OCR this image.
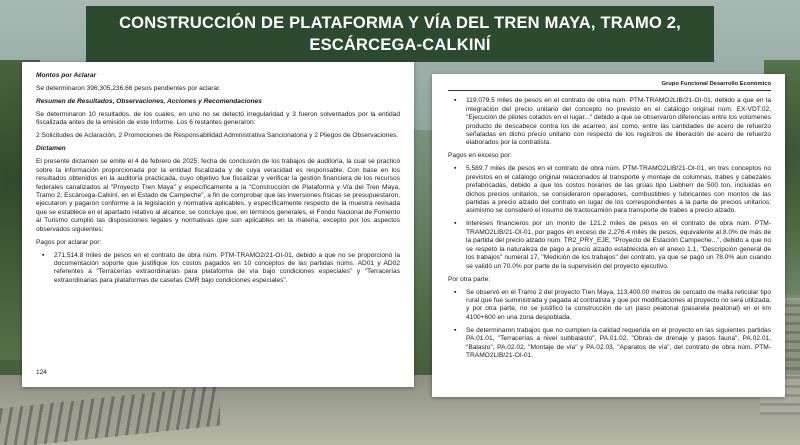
CONSTRUCCIÓN DE PLATAFORMA Y VÍA DEL TREN MAYA, TRAMO 2, ESCÁRCEGA-CALKINÍ
Montos por Aclarar
Se determinaron 396,305,236.66 pesos pendientes por aclarar.
Resumen de Resultados, Observaciones, Acciones y Recomendaciones
Se determinaron 10 resultados, de los cuales, en uno no se detectó irregularidad y 3 fueron solventados por la entidad fiscalizada antes de la emisión de este Informe. Los 6 restantes generaron:
2 Solicitudes de Aclaración, 2 Promociones de Responsabilidad Administrativa Sancionatoria y 2 Pliegos de Observaciones.
Dictamen
El presente dictamen se emite el 4 de febrero de 2025, fecha de conclusión de los trabajos de auditoría, la cual se practicó sobre la información proporcionada por la entidad fiscalizada y de cuya veracidad es responsable. Con base en los resultados obtenidos en la auditoría practicada, cuyo objetivo fue fiscalizar y verificar la gestión financiera de los recursos federales canalizados al "Proyecto Tren Maya" y específicamente a la "Construcción de Plataforma y Vía del Tren Maya, Tramo 2, Escárcega-Calkiní, en el Estado de Campeche", a fin de comprobar que las inversiones físicas se presupuestaron, ejecutaron y pagaron conforme a la legislación y normativa aplicables, y específicamente respecto de la muestra revisada que se establece en el apartado relativo al alcance, se concluye que, en términos generales, el Fondo Nacional de Fomento al Turismo cumplió las disposiciones legales y normativas que son aplicables en la materia, excepto por los aspectos observados siguientes:
Pagos por aclarar por:
▪	271,514.8 miles de pesos en el contrato de obra núm. PTM-TRAMO2/21-OI-01, debido a que no se proporcionó la documentación soporte que justifique los costos pagados en 10 conceptos de las partidas núms. AD01 y AD02 referentes a "Terracerías extraordinarias para plataforma de vía bajo condiciones especiales" y "Terracerías extraordinarias para plataformas de casetas CMR bajo condiciones especiales".
124
Grupo Funcional Desarrollo Económico
▪	119,079.5 miles de pesos en el contrato de obra núm. PTM-TRAMO2LIB/21-OI-01, debido a que en la integración del precio unitario del concepto no previsto en el catálogo original núm. EX-VDT.02, "Ejecución de pilotes colados en el lugar..." debido a que se observaron diferencias entre los volúmenes producto de descabece contra los de acarreo; así como, entre las cantidades de acero de refuerzo señaladas en dicho precio unitario con respecto de los registros de liberación de acero de refuerzo elaborados por la contratista.
Pagos en exceso por:
▪	5,589.7 miles de pesos en el contrato de obra núm. PTM-TRAMO2LIB/21-OI-01, en tres conceptos no previstos en el catálogo original relacionados al transporte y montaje de columnas, trabes y cabezales prefabricadas, debido a que los costos horarios de las grúas tipo Liebherr de 500 ton, incluidas en dichos precios unitarios, se consideraron operadores, combustibles y lubricantes con montos de las partidas a precio alzado del contrato en lugar de los correspondientes a la parte de precios unitarios; asimismo se consideró el insumo de tractocamión para transporte de trabes a precio alzado.
▪	Intereses financieros por un monto de 121.2 miles de pesos en el contrato de obra núm. PTM-TRAMO2LIB/21-OI-01, por pagos en exceso de 2,276.4 miles de pesos, equivalente al 8.0% de más de la partida del precio alzado núm. TR2_PRY_EJE, "Proyecto de Estación Campeche...", debido a que no se respetó la naturaleza de pago a precio alzado establecida en el anexo 1.1, "Descripción general de los trabajos" numeral 17, "Medición de los trabajos" del contrato, ya que se pagó un 78.0% aun cuando se validó un 70.0% por parte de la supervisión del proyecto ejecutivo.
Por otra parte:
▪	Se observó en el Tramo 2 del proyecto Tren Maya, 113,400.00 metros de cercado de malla reticular tipo rural que fue suministrada y pagada al contratista y que por modificaciones al proyecto no será utilizada, y por otra parte, no se justificó la construcción de un paso peatonal (pasarela peatonal) en el km 4100+600 en una zona despoblada.
▪	Se determinaron trabajos que no cumplen la calidad requerida en el proyecto en las siguientes partidas PA.01.01, "Terracerías a nivel subbalasto", PA.01.02, "Obras de drenaje y pasos fauna", PA.02.01, "Balasto", PA.02.02, "Montaje de vía" y PA.02.03, "Aparatos de vía", del contrato de obra núm. PTM-TRAMO2LIB/21-OI-01.
